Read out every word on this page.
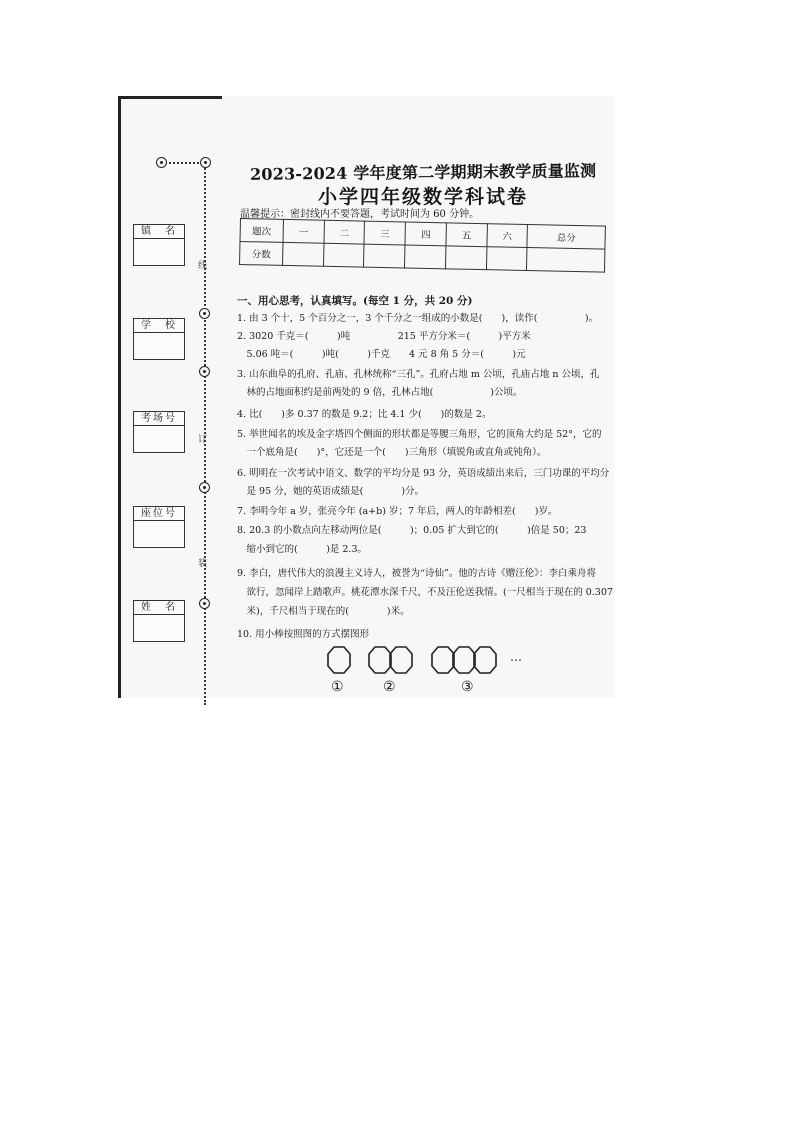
线
订
装
镇　名
学　校
考场号
座位号
姓　名
2023-2024 学年度第二学期期末教学质量监测
小学四年级数学科试卷
温馨提示：密封线内不要答题，考试时间为 60 分钟。
题次	一	二	三	四	五	六	总分
分数							
一、用心思考，认真填写。(每空 1 分，共 20 分)
1. 由 3 个十，5 个百分之一，3 个千分之一组成的小数是(　　)，读作(　　　　　)。
2. 3020 千克＝(　　　)吨　　　　　215 平方分米＝(　　　)平方米
　5.06 吨＝(　　　)吨(　　　)千克　　4 元 8 角 5 分＝(　　　)元
3. 山东曲阜的孔府、孔庙、孔林统称“三孔”。孔府占地 m 公顷，孔庙占地 n 公顷，孔
　林的占地面积约是前两处的 9 倍，孔林占地(　　　　　　)公顷。
4. 比(　　)多 0.37 的数是 9.2；比 4.1 少(　　)的数是 2。
5. 举世闻名的埃及金字塔四个侧面的形状都是等腰三角形，它的顶角大约是 52°，它的
　一个底角是(　　)°，它还是一个(　　)三角形（填锐角或直角或钝角）。
6. 明明在一次考试中语文、数学的平均分是 93 分，英语成绩出来后，三门功课的平均分
　是 95 分，她的英语成绩是(　　　　)分。
7. 李明今年 a 岁，张亮今年 (a+b) 岁；7 年后，两人的年龄相差(　　)岁。
8. 20.3 的小数点向左移动两位是(　　　)；0.05 扩大到它的(　　　)倍是 50；23
　缩小到它的(　　　)是 2.3。
9. 李白，唐代伟大的浪漫主义诗人，被誉为“诗仙”。他的古诗《赠汪伦》：李白乘舟将
　欲行，忽闻岸上踏歌声。桃花潭水深千尺，不及汪伦送我情。(一尺相当于现在的 0.307
　米)，千尺相当于现在的(　　　　)米。
10. 用小棒按照图的方式摆图形
…
①	②	③
